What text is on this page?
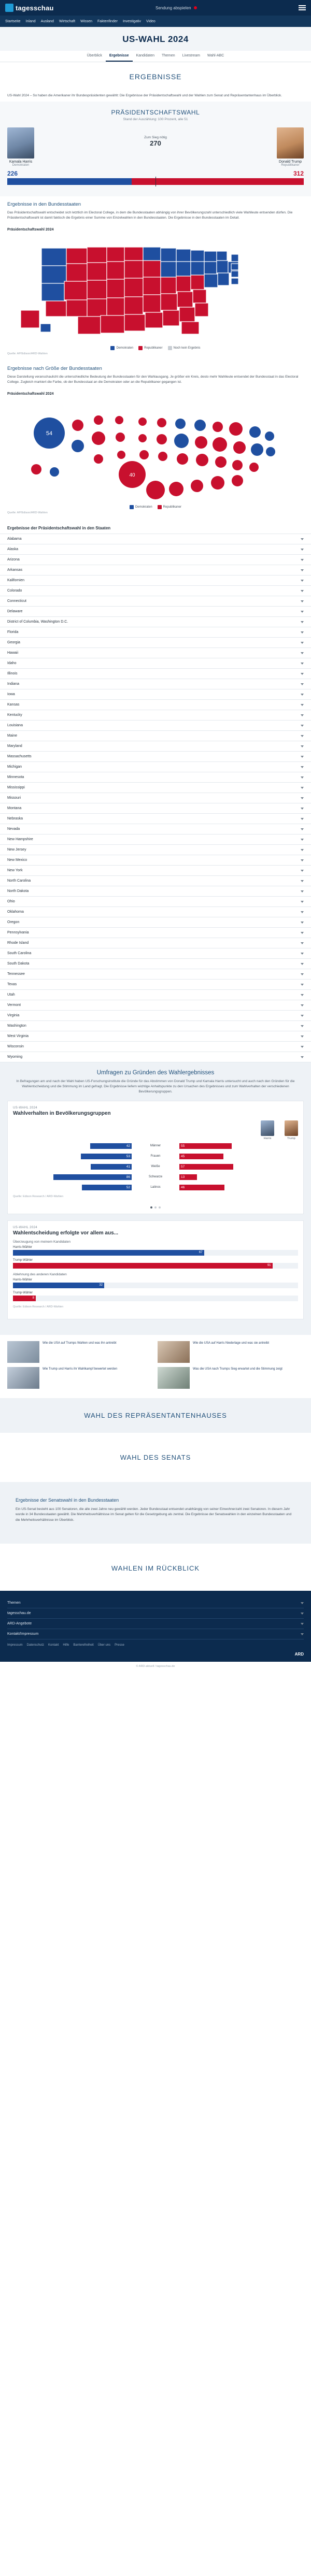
tagesschau	Sendung abspielen
Startseite Inland Ausland Wirtschaft Wissen Faktenfinder Investigativ Video
US-WAHL 2024
Überblick	Ergebnisse	Kandidaten	Themen	Livestream	Wahl-ABC
ERGEBNISSE

US-Wahl 2024 – So haben die Amerikaner ihr Bundespräsidenten gewählt: Die Ergebnisse der Präsidentschaftswahl und der Wahlen zum Senat und Repräsentantenhaus im Überblick.

PRÄSIDENTSCHAFTSWAHL
Stand der Auszählung: 100 Prozent, alle 51
Kamala Harris
Demokraten
Zum Sieg nötig
270
Donald Trump
Republikaner
226	312
Ergebnisse in den Bundesstaaten

Das Präsidentschaftswahl entscheidet sich letztlich im Electoral College, in dem die Bundesstaaten abhängig von ihrer Bevölkerungszahl unterschiedlich viele Wahlleute entsenden dürfen. Die Präsidentschaftswahl ist damit faktisch die Ergebnis einer Summe von Einzelwahlen in den Bundesstaaten. Die Ergebnisse in den Bundesstaaten im Detail.

Präsidentschaftswahl 2024
Demokraten	Republikaner	Noch kein Ergebnis
Quelle: AP/Edison/ARD-Wahlen
Ergebnisse nach Größe der Bundesstaaten

Diese Darstellung veranschaulicht die unterschiedliche Bedeutung der Bundesstaaten für den Wahlausgang. Je größer ein Kreis, desto mehr Wahlleute entsendet der Bundesstaat in das Electoral College. Zugleich markiert die Farbe, ob der Bundesstaat an die Demokraten oder an die Republikaner gegangen ist.

Präsidentschaftswahl 2024
54
40
Demokraten	Republikaner
Quelle: AP/Edison/ARD-Wahlen
Ergebnisse der Präsidentschaftswahl in den Staaten
Alabama
Alaska
Arizona
Arkansas
Kalifornien
Colorado
Connecticut
Delaware
District of Columbia, Washington D.C.
Florida
Georgia
Hawaii
Idaho
Illinois
Indiana
Iowa
Kansas
Kentucky
Louisiana
Maine
Maryland
Massachusetts
Michigan
Minnesota
Mississippi
Missouri
Montana
Nebraska
Nevada
New Hampshire
New Jersey
New Mexico
New York
North Carolina
North Dakota
Ohio
Oklahoma
Oregon
Pennsylvania
Rhode Island
South Carolina
South Dakota
Tennessee
Texas
Utah
Vermont
Virginia
Washington
West Virginia
Wisconsin
Wyoming
Umfragen zu Gründen des Wahlergebnisses
In Befragungen am und nach der Wahl haben US-Forschungsinstitute die Gründe für das Abstimmen von Donald Trump und Kamala Harris untersucht und auch nach den Gründen für die Wahlentscheidung und die Stimmung im Land gefragt. Die Ergebnisse liefern wichtige Anhaltspunkte zu den Ursachen des Ergebnisses und zum Wahlverhalten der verschiedenen Bevölkerungsgruppen.
US-WAHL 2024
Wahlverhalten in Bevölkerungsgruppen
Harris	Trump
42	Männer	55
53	Frauen	45
41	Weiße	57
86	Schwarze	13
52	Latinos	46
Quelle: Edison Research / ARD-Wahlen
US-WAHL 2024
Wahlentscheidung erfolgte vor allem aus...
Überzeugung von meinem Kandidaten
Harris-Wähler
67
Trump-Wähler
91
Ablehnung des anderen Kandidaten
Harris-Wähler
32
Trump-Wähler
8
Quelle: Edison Research / ARD-Wahlen
Wie die USA auf Trumps Wahlen und was ihn antreibt	Wie die USA auf Harris Niederlage und was sie antreibt
Wie Trump und Harris ihr Wahlkampf bewertet werden	Was die USA nach Trumps Sieg erwartet und die Stimmung zeigt
WAHL DES REPRÄSENTANTENHAUSES
WAHL DES SENATS
Ergebnisse der Senatswahl in den Bundesstaaten
Ein US-Senat besteht aus 100 Senatoren, die alle zwei Jahre neu gewählt werden. Jeder Bundesstaat entsendet unabhängig von seiner Einwohnerzahl zwei Senatoren. In diesem Jahr wurde in 34 Bundesstaaten gewählt. Die Mehrheitsverhältnisse im Senat gelten für die Gesetzgebung als zentral. Die Ergebnisse der Senatswahlen in den einzelnen Bundesstaaten und die Mehrheitsverhältnisse im Überblick.
WAHLEN IM RÜCKBLICK
Themen
tagesschau.de
ARD-Angebote
Kontakt/Impressum
Impressum Datenschutz Kontakt Hilfe Barrierefreiheit Über uns Presse
ARD
© ARD-aktuell / tagesschau.de
